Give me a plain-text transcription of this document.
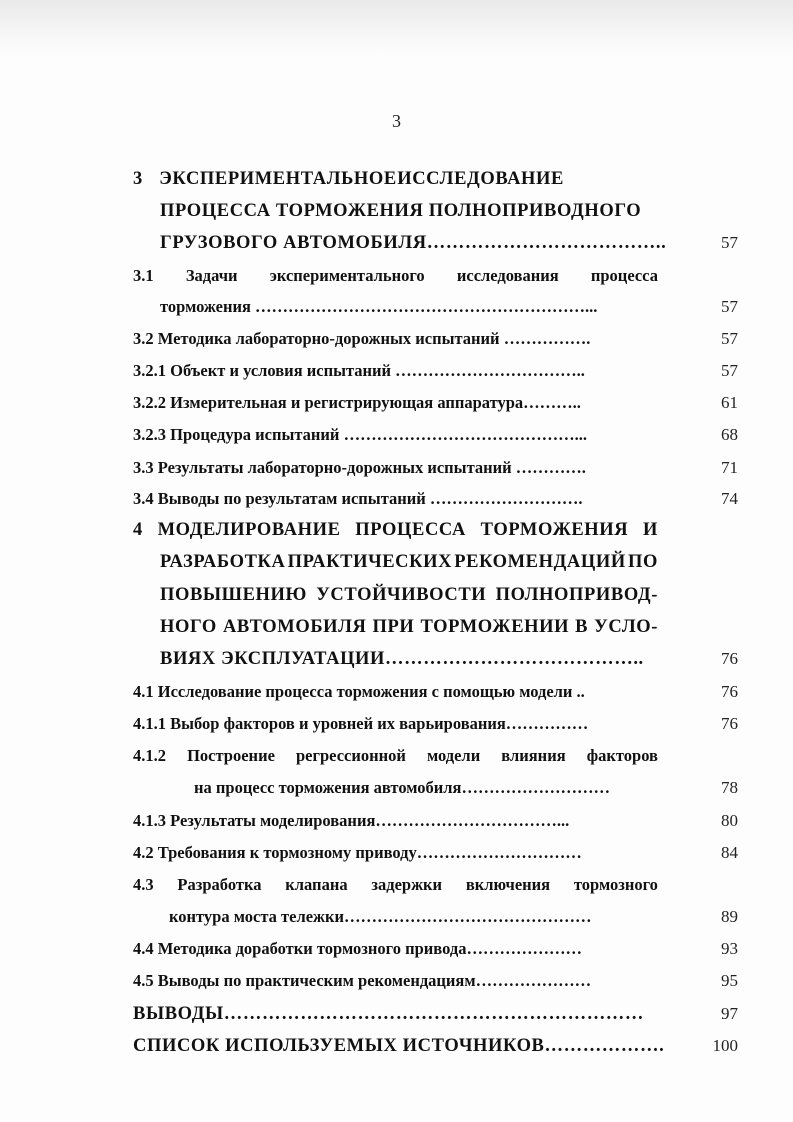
3
3 ЭКСПЕРИМЕНТАЛЬНОЕ ИССЛЕДОВАНИЕ
ПРОЦЕССА ТОРМОЖЕНИЯ ПОЛНОПРИВОДНОГО
ГРУЗОВОГО АВТОМОБИЛЯ………………………………..	57
3.1 Задачи экспериментального исследования процесса
торможения ……………………………………………………...	57
3.2 Методика лабораторно-дорожных испытаний …………….	57
3.2.1 Объект и условия испытаний ……………………………..	57
3.2.2 Измерительная и регистрирующая аппаратура………..	61
3.2.3 Процедура испытаний ……………………………………...	68
3.3 Результаты лабораторно-дорожных испытаний ………….	71
3.4 Выводы по результатам испытаний ……………………….	74
4 МОДЕЛИРОВАНИЕ ПРОЦЕССА ТОРМОЖЕНИЯ И
РАЗРАБОТКА ПРАКТИЧЕСКИХ РЕКОМЕНДАЦИЙ ПО
ПОВЫШЕНИЮ УСТОЙЧИВОСТИ ПОЛНОПРИВОД-
НОГО АВТОМОБИЛЯ ПРИ ТОРМОЖЕНИИ В УСЛО-
ВИЯХ ЭКСПЛУАТАЦИИ…………………………………..	76
4.1 Исследование процесса торможения с помощью модели ..	76
4.1.1 Выбор факторов и уровней их варьирования……………	76
4.1.2 Построение регрессионной модели влияния факторов
на процесс торможения автомобиля………………………	78
4.1.3 Результаты моделирования……………………………...	80
4.2 Требования к тормозному приводу…………………………	84
4.3 Разработка клапана задержки включения тормозного
контура моста тележки………………………………………	89
4.4 Методика доработки тормозного привода…………………	93
4.5 Выводы по практическим рекомендациям…………………	95
ВЫВОДЫ…………………………………………………………	97
СПИСОК ИСПОЛЬЗУЕМЫХ ИСТОЧНИКОВ……………….	100
